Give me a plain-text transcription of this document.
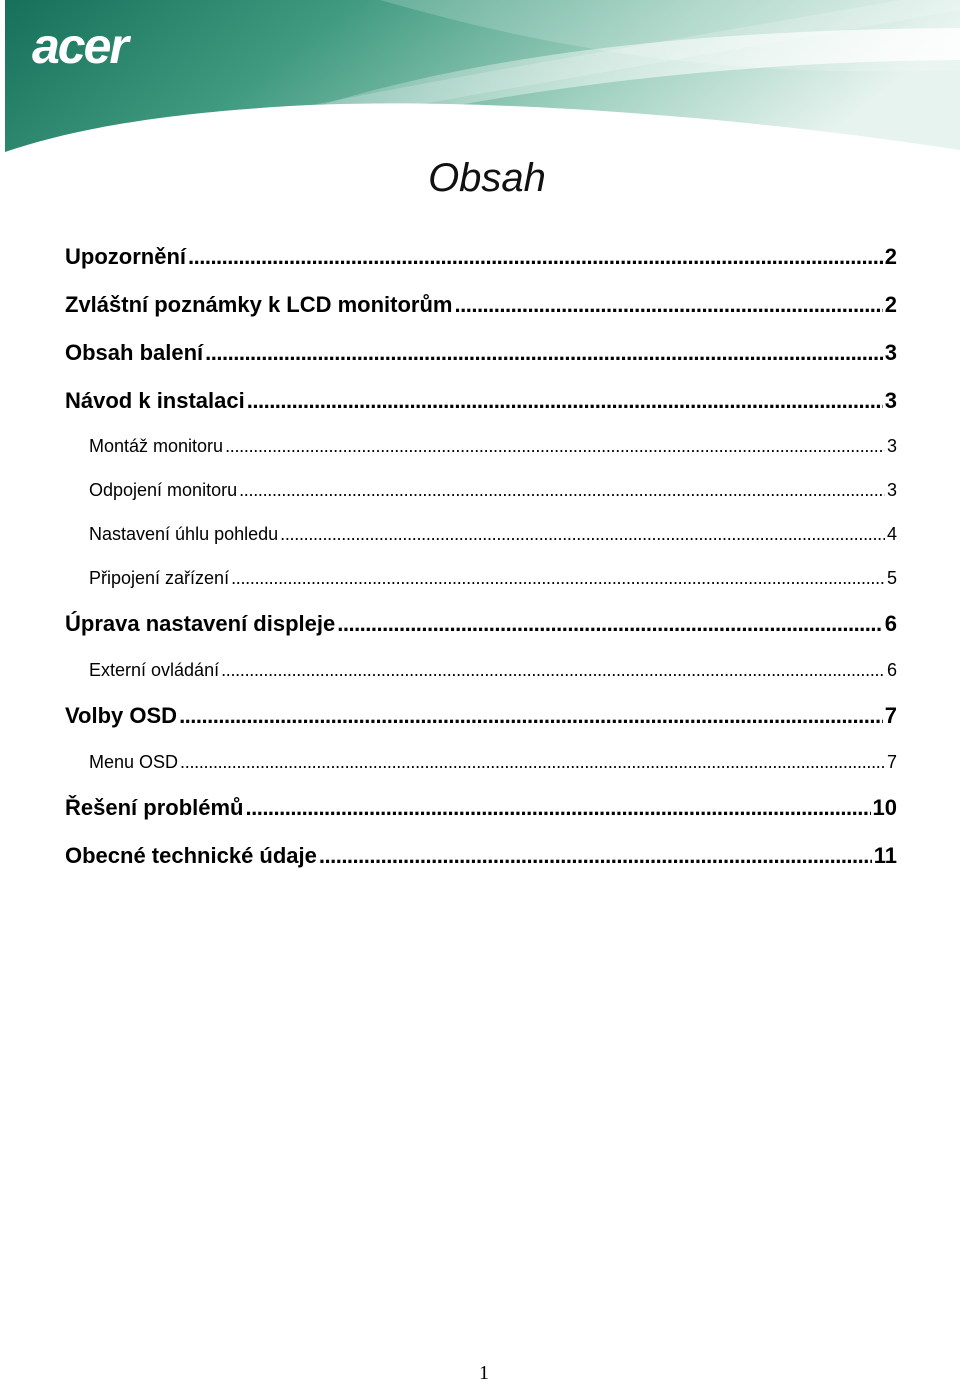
acer
Obsah
Upozornění .....	2
Zvláštní poznámky k LCD monitorům .....	2
Obsah balení .....	3
Návod k instalaci .....	3
Montáž monitoru .....	3
Odpojení monitoru .....	3
Nastavení úhlu pohledu .....	4
Připojení zařízení .....	5
Úprava nastavení displeje .....	6
Externí ovládání .....	6
Volby OSD .....	7
Menu OSD .....	7
Řešení problémů .....	10
Obecné technické údaje .....	11
1
